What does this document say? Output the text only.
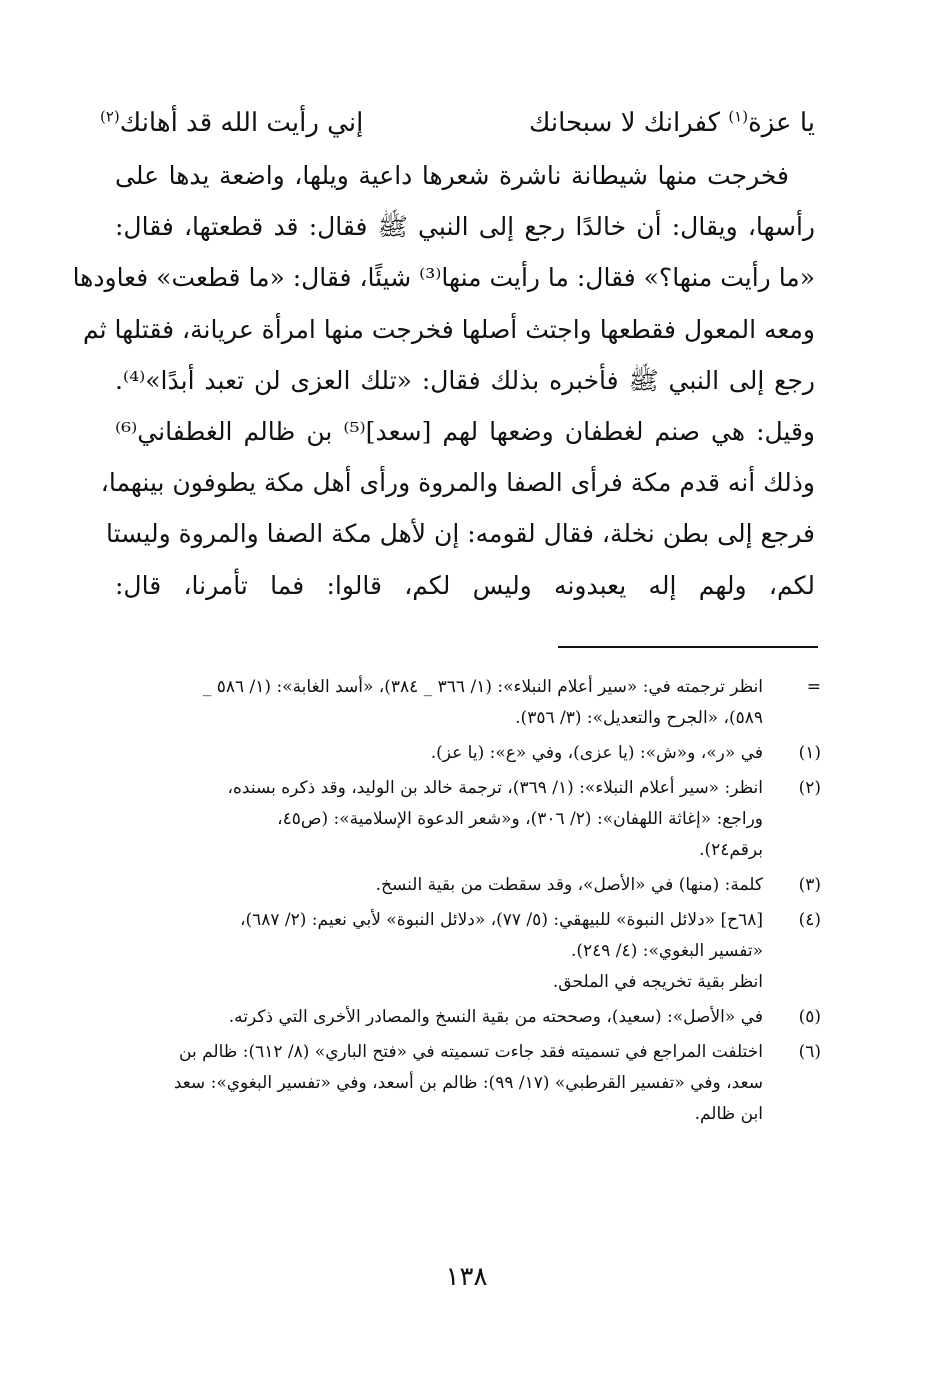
يا عزة$^{(١)}$ كفرانك لا سبحانك
إني رأيت الله قد أهانك$^{(٢)}$
فخرجت منها شيطانة ناشرة شعرها داعية ويلها، واضعة يدها على
رأسها، ويقال: أن خالدًا رجع إلى النبي ﷺ فقال: قد قطعتها، فقال:
«ما رأيت منها؟» فقال: ما رأيت منها⁽³⁾ شيئًا، فقال: «ما قطعت» فعاودها
ومعه المعول فقطعها واجتث أصلها فخرجت منها امرأة عريانة، فقتلها ثم
رجع إلى النبي ﷺ فأخبره بذلك فقال: «تلك العزى لن تعبد أبدًا»⁽⁴⁾.
وقيل: هي صنم لغطفان وضعها لهم [سعد]⁽⁵⁾ بن ظالم الغطفاني⁽⁶⁾
وذلك أنه قدم مكة فرأى الصفا والمروة ورأى أهل مكة يطوفون بينهما،
فرجع إلى بطن نخلة، فقال لقومه: إن لأهل مكة الصفا والمروة وليستا
لكم، ولهم إله يعبدونه وليس لكم، قالوا: فما تأمرنا، قال:
=
انظر ترجمته في: «سير أعلام النبلاء»: (١/ ٣٦٦ _ ٣٨٤)، «أسد الغابة»: (١/ ٥٨٦ _
٥٨٩)، «الجرح والتعديل»: (٣/ ٣٥٦).
(١)
في «ر»، و«ش»: (يا عزى)، وفي «ع»: (يا عز).
(٢)
انظر: «سير أعلام النبلاء»: (١/ ٣٦٩)، ترجمة خالد بن الوليد، وقد ذكره بسنده،
وراجع: «إغاثة اللهفان»: (٢/ ٣٠٦)، و«شعر الدعوة الإسلامية»: (ص٤٥،
برقم٢٤).
(٣)
كلمة: (منها) في «الأصل»، وقد سقطت من بقية النسخ.
(٤)
[٦٨ح] «دلائل النبوة» للبيهقي: (٥/ ٧٧)، «دلائل النبوة» لأبي نعيم: (٢/ ٦٨٧)،
«تفسير البغوي»: (٤/ ٢٤٩).
انظر بقية تخريجه في الملحق.
(٥)
في «الأصل»: (سعيد)، وصححته من بقية النسخ والمصادر الأخرى التي ذكرته.
(٦)
اختلفت المراجع في تسميته فقد جاءت تسميته في «فتح الباري» (٨/ ٦١٢): ظالم بن
سعد، وفي «تفسير القرطبي» (١٧/ ٩٩): ظالم بن أسعد، وفي «تفسير البغوي»: سعد
ابن ظالم.
١٣٨
